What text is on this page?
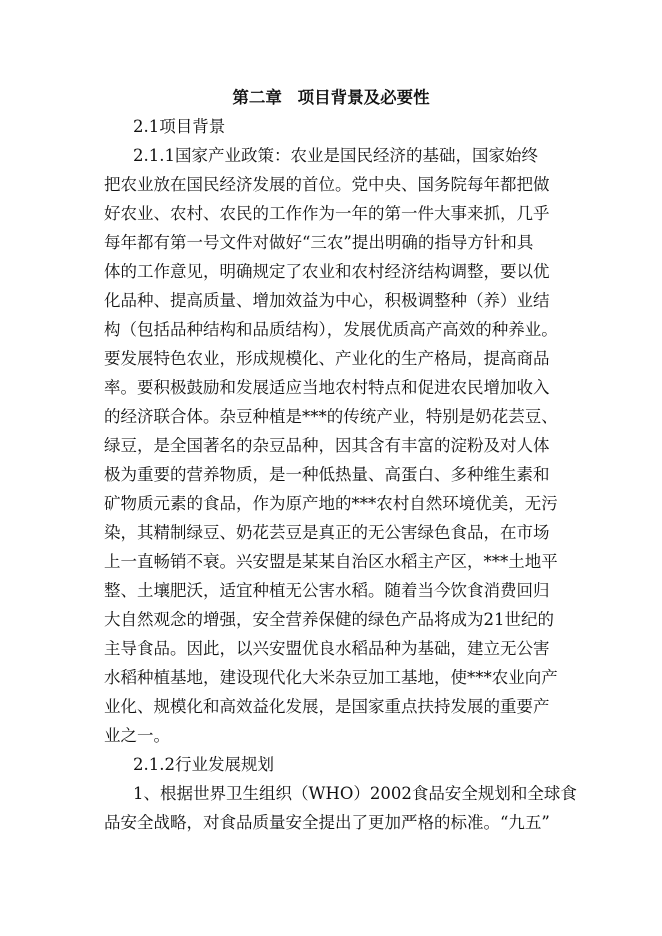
第二章 项目背景及必要性
2.1项目背景
2.1.1国家产业政策：农业是国民经济的基础，国家始终
把农业放在国民经济发展的首位。党中央、国务院每年都把做
好农业、农村、农民的工作作为一年的第一件大事来抓，几乎
每年都有第一号文件对做好“三农”提出明确的指导方针和具
体的工作意见，明确规定了农业和农村经济结构调整，要以优
化品种、提高质量、增加效益为中心，积极调整种（养）业结
构（包括品种结构和品质结构），发展优质高产高效的种养业。
要发展特色农业，形成规模化、产业化的生产格局，提高商品
率。要积极鼓励和发展适应当地农村特点和促进农民增加收入
的经济联合体。杂豆种植是***的传统产业，特别是奶花芸豆、
绿豆，是全国著名的杂豆品种，因其含有丰富的淀粉及对人体
极为重要的营养物质，是一种低热量、高蛋白、多种维生素和
矿物质元素的食品，作为原产地的***农村自然环境优美，无污
染，其精制绿豆、奶花芸豆是真正的无公害绿色食品，在市场
上一直畅销不衰。兴安盟是某某自治区水稻主产区，***土地平
整、土壤肥沃，适宜种植无公害水稻。随着当今饮食消费回归
大自然观念的增强，安全营养保健的绿色产品将成为21世纪的
主导食品。因此，以兴安盟优良水稻品种为基础，建立无公害
水稻种植基地，建设现代化大米杂豆加工基地，使***农业向产
业化、规模化和高效益化发展，是国家重点扶持发展的重要产
业之一。
2.1.2行业发展规划
1、根据世界卫生组织（WHO）2002食品安全规划和全球食
品安全战略，对食品质量安全提出了更加严格的标准。“九五”
